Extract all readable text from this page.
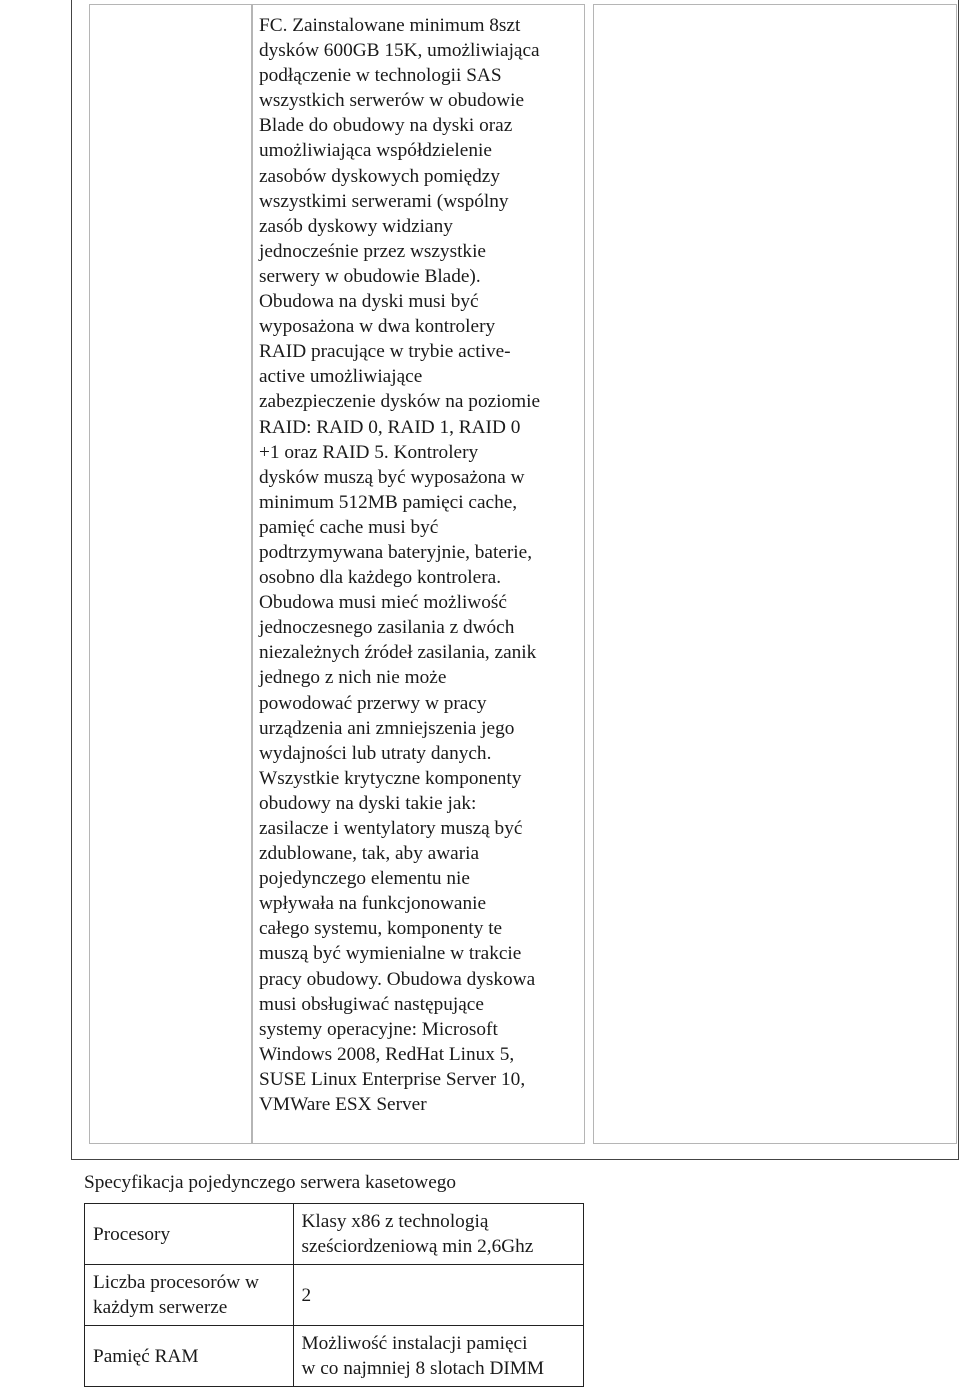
FC. Zainstalowane minimum 8szt
dysków 600GB 15K, umożliwiająca
podłączenie w technologii SAS
wszystkich serwerów w obudowie
Blade do obudowy na dyski oraz
umożliwiająca współdzielenie
zasobów dyskowych pomiędzy
wszystkimi serwerami (wspólny
zasób dyskowy widziany
jednocześnie przez wszystkie
serwery w obudowie Blade).
Obudowa na dyski musi być
wyposażona w dwa kontrolery
RAID pracujące w trybie active-
active umożliwiające
zabezpieczenie dysków na poziomie
RAID: RAID 0, RAID 1, RAID 0
+1 oraz RAID 5. Kontrolery
dysków muszą być wyposażona w
minimum 512MB pamięci cache,
pamięć cache musi być
podtrzymywana bateryjnie, baterie,
osobno dla każdego kontrolera.
Obudowa musi mieć możliwość
jednoczesnego zasilania z dwóch
niezależnych źródeł zasilania, zanik
jednego z nich nie może
powodować przerwy w pracy
urządzenia ani zmniejszenia jego
wydajności lub utraty danych.
Wszystkie krytyczne komponenty
obudowy na dyski takie jak:
zasilacze i wentylatory muszą być
zdublowane, tak, aby awaria
pojedynczego elementu nie
wpływała na funkcjonowanie
całego systemu, komponenty te
muszą być wymienialne w trakcie
pracy obudowy. Obudowa dyskowa
musi obsługiwać następujące
systemy operacyjne: Microsoft
Windows 2008, RedHat Linux 5,
SUSE Linux Enterprise Server 10,
VMWare ESX Server

Specyfikacja pojedynczego serwera kasetowego

Procesory	Klasy x86 z technologią
sześciordzeniową min 2,6Ghz
Liczba procesorów w
każdym serwerze	2
Pamięć RAM	Możliwość instalacji pamięci
w co najmniej 8 slotach DIMM
